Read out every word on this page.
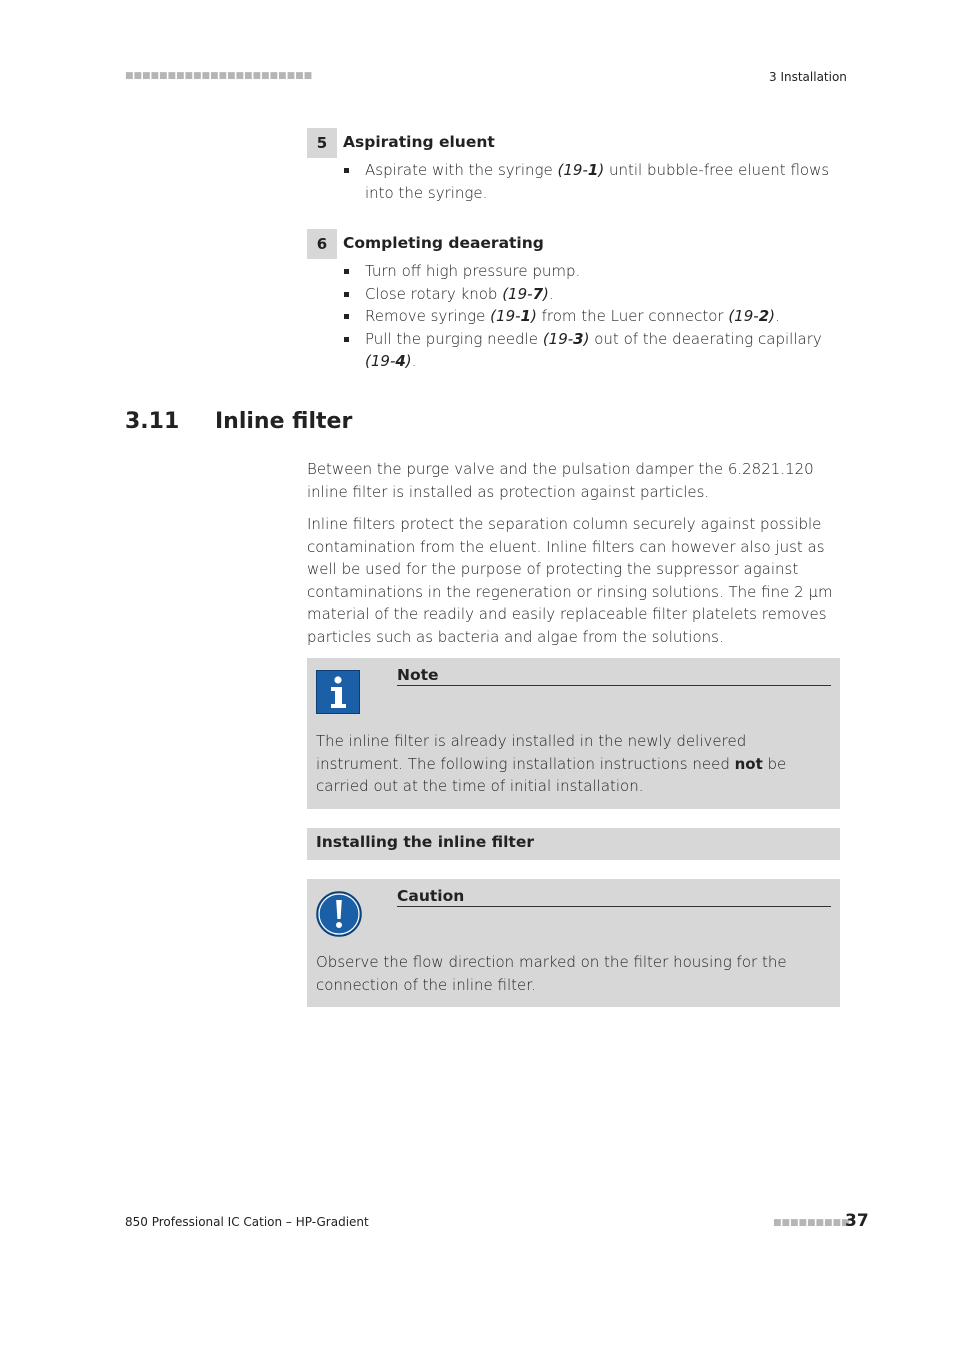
■■■■■■■■■■■■■■■■■■■■■■	3 Installation
5	Aspirating eluent
Aspirate with the syringe (19-1) until bubble-free eluent flows into the syringe.
6	Completing deaerating
Turn off high pressure pump.
Close rotary knob (19-7).
Remove syringe (19-1) from the Luer connector (19-2).
Pull the purging needle (19-3) out of the deaerating capillary (19-4).
3.11 Inline filter
Between the purge valve and the pulsation damper the 6.2821.120 inline filter is installed as protection against particles.
Inline filters protect the separation column securely against possible contamination from the eluent. Inline filters can however also just as well be used for the purpose of protecting the suppressor against contaminations in the regeneration or rinsing solutions. The fine 2 µm material of the readily and easily replaceable filter platelets removes particles such as bacteria and algae from the solutions.
Note
The inline filter is already installed in the newly delivered instrument. The following installation instructions need not be carried out at the time of initial installation.
Installing the inline filter
Caution
Observe the flow direction marked on the filter housing for the connection of the inline filter.
850 Professional IC Cation – HP-Gradient	■■■■■■■■■
37
